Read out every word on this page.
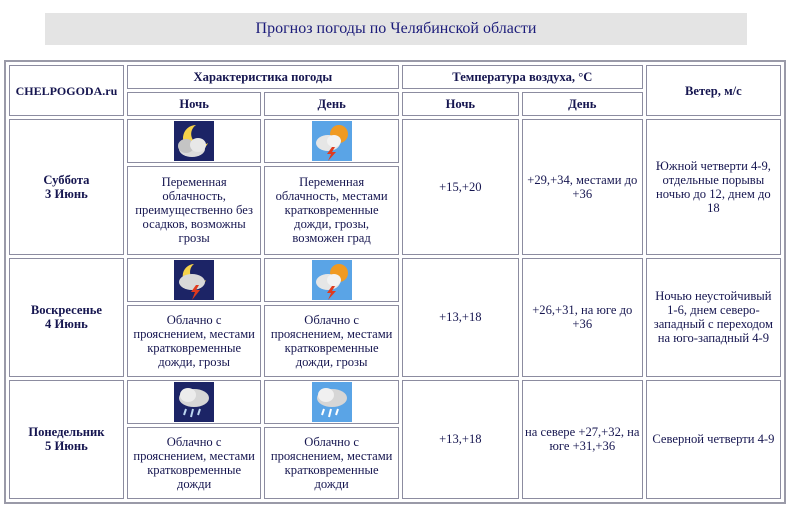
Прогноз погоды по Челябинской области
CHELPOGODA.ru	Характеристика погоды		Температура воздуха, °C		Ветер, м/с
	Ночь	День	Ночь	День	
Суббота
3 Июнь			+15,+20	+29,+34, местами до +36	Южной четверти 4-9, отдельные порывы ночью до 12, днем до 18
	Переменная облачность, преимущественно без осадков, возможны грозы	Переменная облачность, местами кратковременные дожди, грозы, возможен град			
Воскресенье
4 Июнь			+13,+18	+26,+31, на юге до +36	Ночью неустойчивый 1-6, днем северо-западный с переходом на юго-западный 4-9
	Облачно с прояснением, местами кратковременные дожди, грозы	Облачно с прояснением, местами кратковременные дожди, грозы			
Понедельник
5 Июнь			+13,+18	на севере +27,+32, на юге +31,+36	Северной четверти 4-9
	Облачно с прояснением, местами кратковременные дожди	Облачно с прояснением, местами кратковременные дожди			
